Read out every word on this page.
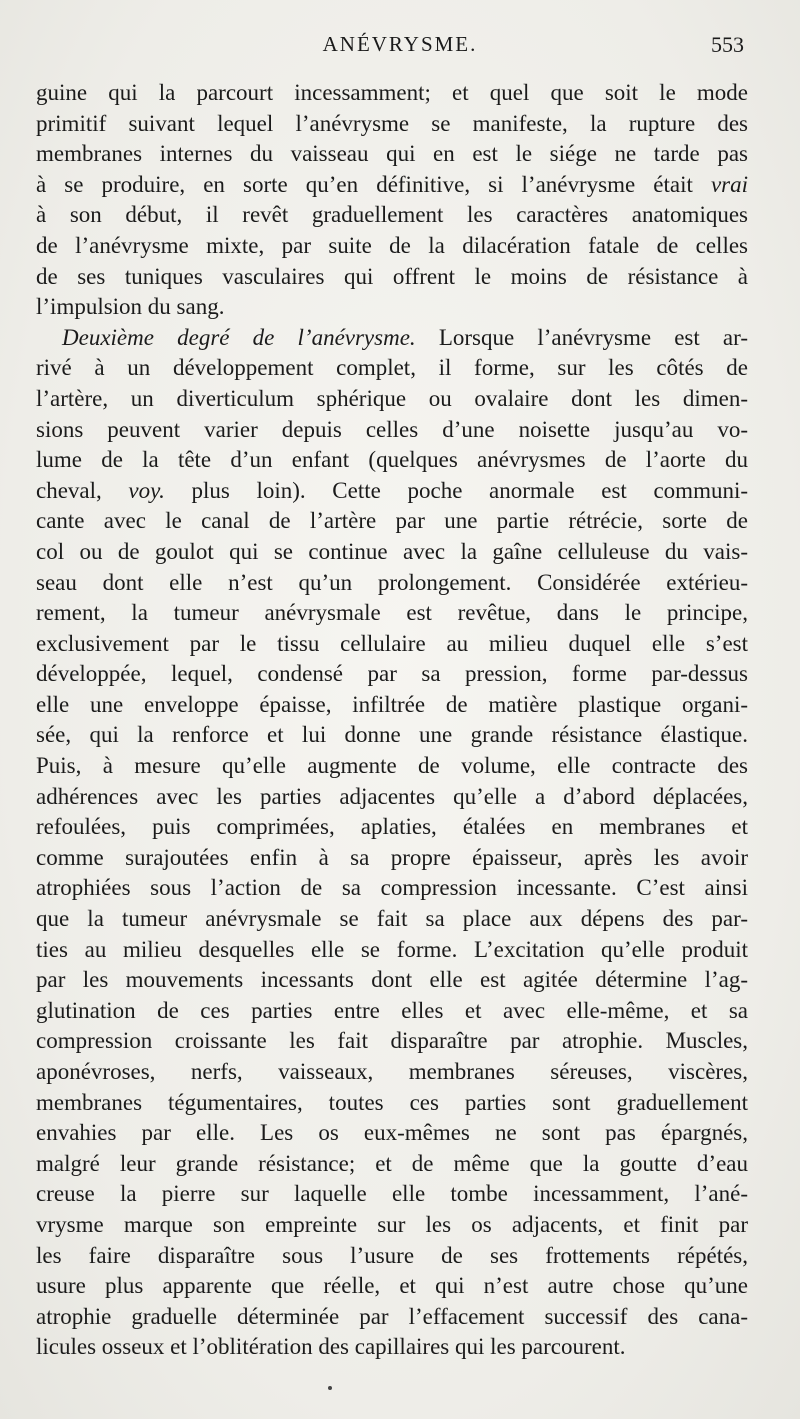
ANÉVRYSME.	553
guine qui la parcourt incessamment; et quel que soit le mode
primitif suivant lequel l’anévrysme se manifeste, la rupture des
membranes internes du vaisseau qui en est le siége ne tarde pas
à se produire, en sorte qu’en définitive, si l’anévrysme était vrai
à son début, il revêt graduellement les caractères anatomiques
de l’anévrysme mixte, par suite de la dilacération fatale de celles
de ses tuniques vasculaires qui offrent le moins de résistance à
l’impulsion du sang.
Deuxième degré de l’anévrysme. Lorsque l’anévrysme est ar-
rivé à un développement complet, il forme, sur les côtés de
l’artère, un diverticulum sphérique ou ovalaire dont les dimen-
sions peuvent varier depuis celles d’une noisette jusqu’au vo-
lume de la tête d’un enfant (quelques anévrysmes de l’aorte du
cheval, voy. plus loin). Cette poche anormale est communi-
cante avec le canal de l’artère par une partie rétrécie, sorte de
col ou de goulot qui se continue avec la gaîne celluleuse du vais-
seau dont elle n’est qu’un prolongement. Considérée extérieu-
rement, la tumeur anévrysmale est revêtue, dans le principe,
exclusivement par le tissu cellulaire au milieu duquel elle s’est
développée, lequel, condensé par sa pression, forme par-dessus
elle une enveloppe épaisse, infiltrée de matière plastique organi-
sée, qui la renforce et lui donne une grande résistance élastique.
Puis, à mesure qu’elle augmente de volume, elle contracte des
adhérences avec les parties adjacentes qu’elle a d’abord déplacées,
refoulées, puis comprimées, aplaties, étalées en membranes et
comme surajoutées enfin à sa propre épaisseur, après les avoir
atrophiées sous l’action de sa compression incessante. C’est ainsi
que la tumeur anévrysmale se fait sa place aux dépens des par-
ties au milieu desquelles elle se forme. L’excitation qu’elle produit
par les mouvements incessants dont elle est agitée détermine l’ag-
glutination de ces parties entre elles et avec elle-même, et sa
compression croissante les fait disparaître par atrophie. Muscles,
aponévroses, nerfs, vaisseaux, membranes séreuses, viscères,
membranes tégumentaires, toutes ces parties sont graduellement
envahies par elle. Les os eux-mêmes ne sont pas épargnés,
malgré leur grande résistance; et de même que la goutte d’eau
creuse la pierre sur laquelle elle tombe incessamment, l’ané-
vrysme marque son empreinte sur les os adjacents, et finit par
les faire disparaître sous l’usure de ses frottements répétés,
usure plus apparente que réelle, et qui n’est autre chose qu’une
atrophie graduelle déterminée par l’effacement successif des cana-
licules osseux et l’oblitération des capillaires qui les parcourent.
